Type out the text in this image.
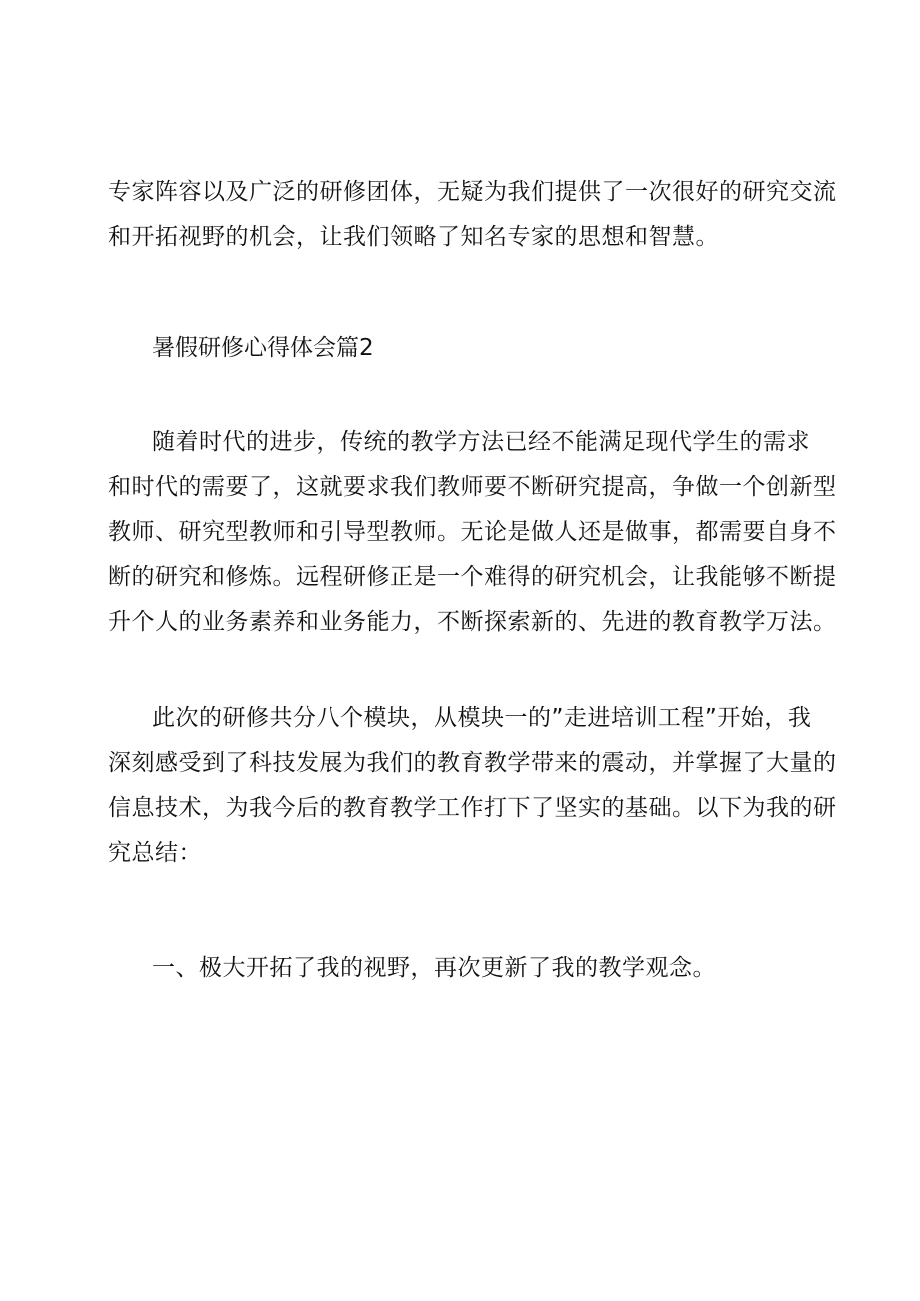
专家阵容以及广泛的研修团体，无疑为我们提供了一次很好的研究交流
和开拓视野的机会，让我们领略了知名专家的思想和智慧。
暑假研修心得体会篇2
随着时代的进步，传统的教学方法已经不能满足现代学生的需求
和时代的需要了，这就要求我们教师要不断研究提高，争做一个创新型
教师、研究型教师和引导型教师。无论是做人还是做事，都需要自身不
断的研究和修炼。远程研修正是一个难得的研究机会，让我能够不断提
升个人的业务素养和业务能力，不断探索新的、先进的教育教学万法。
此次的研修共分八个模块，从模块一的”走进培训工程”开始，我
深刻感受到了科技发展为我们的教育教学带来的震动，并掌握了大量的
信息技术，为我今后的教育教学工作打下了坚实的基础。以下为我的研
究总结：
一、极大开拓了我的视野，再次更新了我的教学观念。
